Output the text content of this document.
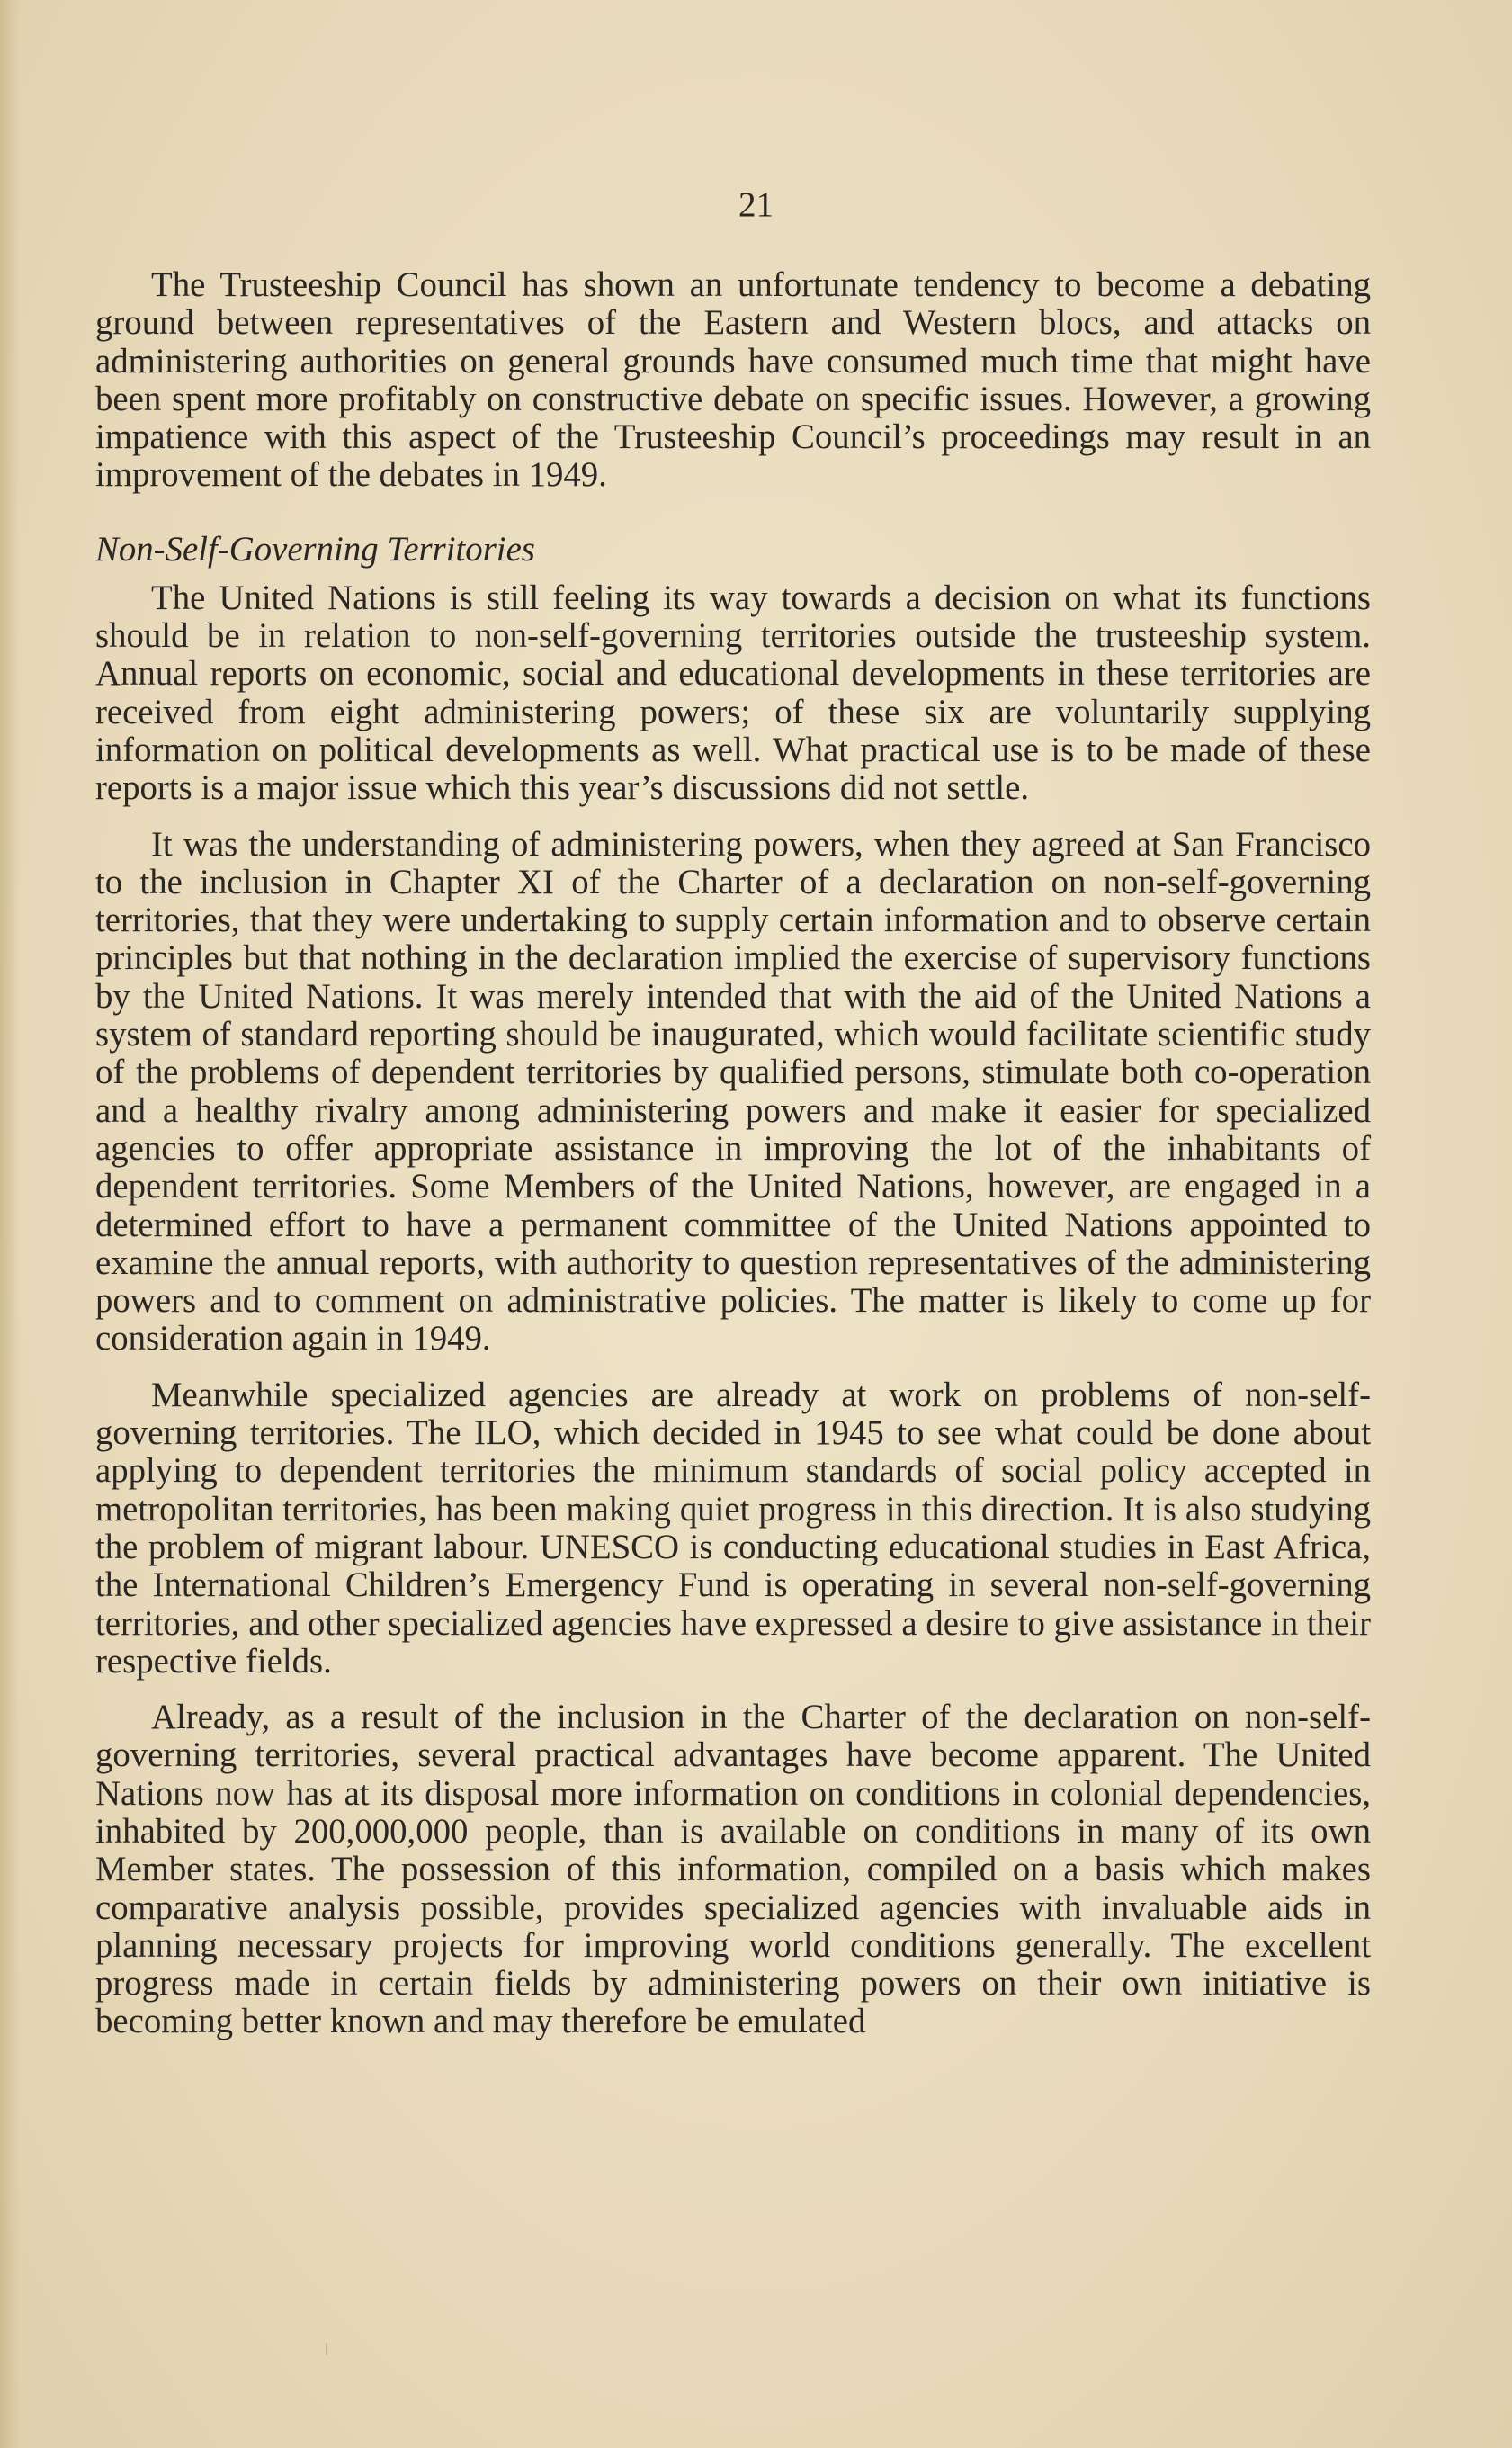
21

The Trusteeship Council has shown an unfortunate tendency to become a debating ground between representatives of the Eastern and Western blocs, and attacks on administering authorities on general grounds have consumed much time that might have been spent more profitably on constructive debate on specific issues. However, a growing impatience with this aspect of the Trusteeship Council’s proceedings may result in an improvement of the debates in 1949.

Non-Self-Governing Territories

The United Nations is still feeling its way towards a decision on what its functions should be in relation to non-self-governing territories outside the trusteeship system. Annual reports on economic, social and educational developments in these territories are received from eight administering powers; of these six are voluntarily supplying information on political developments as well. What practical use is to be made of these reports is a major issue which this year’s discussions did not settle.

It was the understanding of administering powers, when they agreed at San Francisco to the inclusion in Chapter XI of the Charter of a declaration on non-self-governing territories, that they were undertaking to supply certain information and to observe certain principles but that nothing in the declaration implied the exercise of supervisory functions by the United Nations. It was merely intended that with the aid of the United Nations a system of standard reporting should be inaugurated, which would facilitate scientific study of the problems of dependent territories by qualified persons, stimulate both co-operation and a healthy rivalry among administering powers and make it easier for specialized agencies to offer appropriate assistance in improving the lot of the inhabitants of dependent territories. Some Members of the United Nations, however, are engaged in a determined effort to have a permanent committee of the United Nations appointed to examine the annual reports, with authority to question representatives of the administering powers and to comment on administrative policies. The matter is likely to come up for consideration again in 1949.

Meanwhile specialized agencies are already at work on problems of non-self-governing territories. The ILO, which decided in 1945 to see what could be done about applying to dependent territories the minimum standards of social policy accepted in metropolitan territories, has been making quiet progress in this direction. It is also studying the problem of migrant labour. UNESCO is conducting educational studies in East Africa, the International Children’s Emergency Fund is operating in several non-self-governing territories, and other specialized agencies have expressed a desire to give assistance in their respective fields.

Already, as a result of the inclusion in the Charter of the declaration on non-self-governing territories, several practical advantages have become apparent. The United Nations now has at its disposal more information on conditions in colonial dependencies, inhabited by 200,000,000 people, than is available on conditions in many of its own Member states. The possession of this information, compiled on a basis which makes comparative analysis possible, provides specialized agencies with invaluable aids in planning necessary projects for improving world conditions generally. The excellent progress made in certain fields by administering powers on their own initiative is becoming better known and may therefore be emulated
